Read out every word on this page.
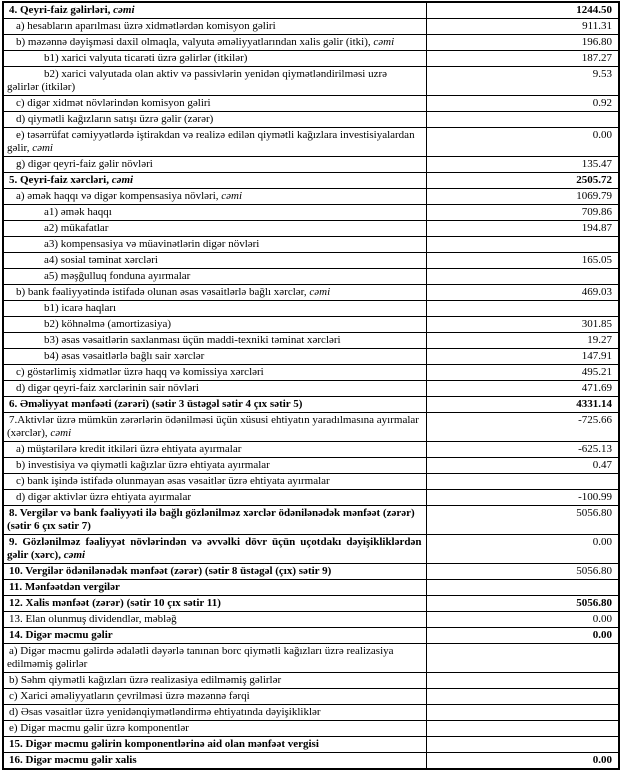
4. Qeyri-faiz gəlirləri, cəmi	1244.50
a) hesabların aparılması üzrə xidmətlərdən komisyon gəliri	911.31
b) məzənnə dəyişməsi daxil olmaqla, valyuta əməliyyatlarından xalis gəlir (itki), cəmi	196.80
b1) xarici valyuta ticarəti üzrə gəlirlər (itkilər)	187.27
b2) xarici valyutada olan aktiv və passivlərin yenidən qiymətləndirilməsi uzrə gəlirlər (itkilər)	9.53
c) digər xidmət növlərindən komisyon gəliri	0.92
d) qiymətli kağızların satışı üzrə gəlir (zərər)	
e) təsərrüfat cəmiyyətlərdə iştirakdan və realizə edilən qiymətli kağızlara investisiyalardan gəlir, cəmi	0.00
g) digər qeyri-faiz gəlir növləri	135.47
5. Qeyri-faiz xərcləri, cəmi	2505.72
a) əmək haqqı və digər kompensasiya növləri, cəmi	1069.79
a1) əmək haqqı	709.86
a2) mükafatlar	194.87
a3) kompensasiya və müavinətlərin digər növləri	
a4) sosial təminat xərcləri	165.05
a5) məşğulluq fonduna ayırmalar	
b) bank fəaliyyətində istifadə olunan əsas vəsaitlərlə bağlı xərclər, cəmi	469.03
b1) icarə haqları	
b2) köhnəlmə (amortizasiya)	301.85
b3) əsas vəsaitlərin saxlanması üçün maddi-texniki təminat xərcləri	19.27
b4) əsas vəsaitlərlə bağlı sair xərclər	147.91
c) göstərlimiş xidmətlər üzrə haqq və komissiya xərcləri	495.21
d) digər qeyri-faiz xərclərinin sair növləri	471.69
6. Əməliyyat mənfəəti (zərəri) (sətir 3 üstəgəl sətir 4 çıx sətir 5)	4331.14
7.Aktivlər üzrə mümkün zərərlərin ödənilməsi üçün xüsusi ehtiyatın yaradılmasına ayırmalar (xərclər), cəmi	-725.66
a) müştərilərə kredit itkiləri üzrə ehtiyata ayırmalar	-625.13
b) investisiya və qiymətli kağızlar üzrə ehtiyata ayırmalar	0.47
c) bank işində istifadə olunmayan əsas vəsaitlər üzrə ehtiyata ayırmalar	
d) digər aktivlər üzrə ehtiyata ayırmalar	-100.99
8. Vergilər və bank fəaliyyəti ilə bağlı gözlənilməz xərclər ödənilənədək mənfəət (zərər) (sətir 6 çıx sətir 7)	5056.80
9. Gözlənilməz fəaliyyət növlərindən və əvvəlki dövr üçün uçotdakı dəyişikliklərdən gəlir (xərc), cəmi	0.00
10. Vergilər ödənilənədək mənfəət (zərər) (sətir 8 üstəgəl (çıx) sətir 9)	5056.80
11. Mənfəətdən vergilər	
12. Xalis mənfəət (zərər) (sətir 10 çıx sətir 11)	5056.80
13. Elan olunmuş dividendlər, məbləğ	0.00
14. Digər məcmu gəlir	0.00
a) Digər məcmu gəlirdə ədalətli dəyərlə tanınan borc qiymətli kağızları üzrə realizasiya edilməmiş gəlirlər	
b) Səhm qiymətli kağızları üzrə realizasiya edilməmiş gəlirlər	
c) Xarici əməliyyatların çevrilməsi üzrə məzənnə fərqi	
d) Əsas vəsaitlər üzrə yenidənqiymətləndirmə ehtiyatında dəyişikliklər	
e) Digər məcmu gəlir üzrə komponentlər	
15. Digər məcmu gəlirin komponentlərinə aid olan mənfəət vergisi	
16. Digər məcmu gəlir xalis	0.00
